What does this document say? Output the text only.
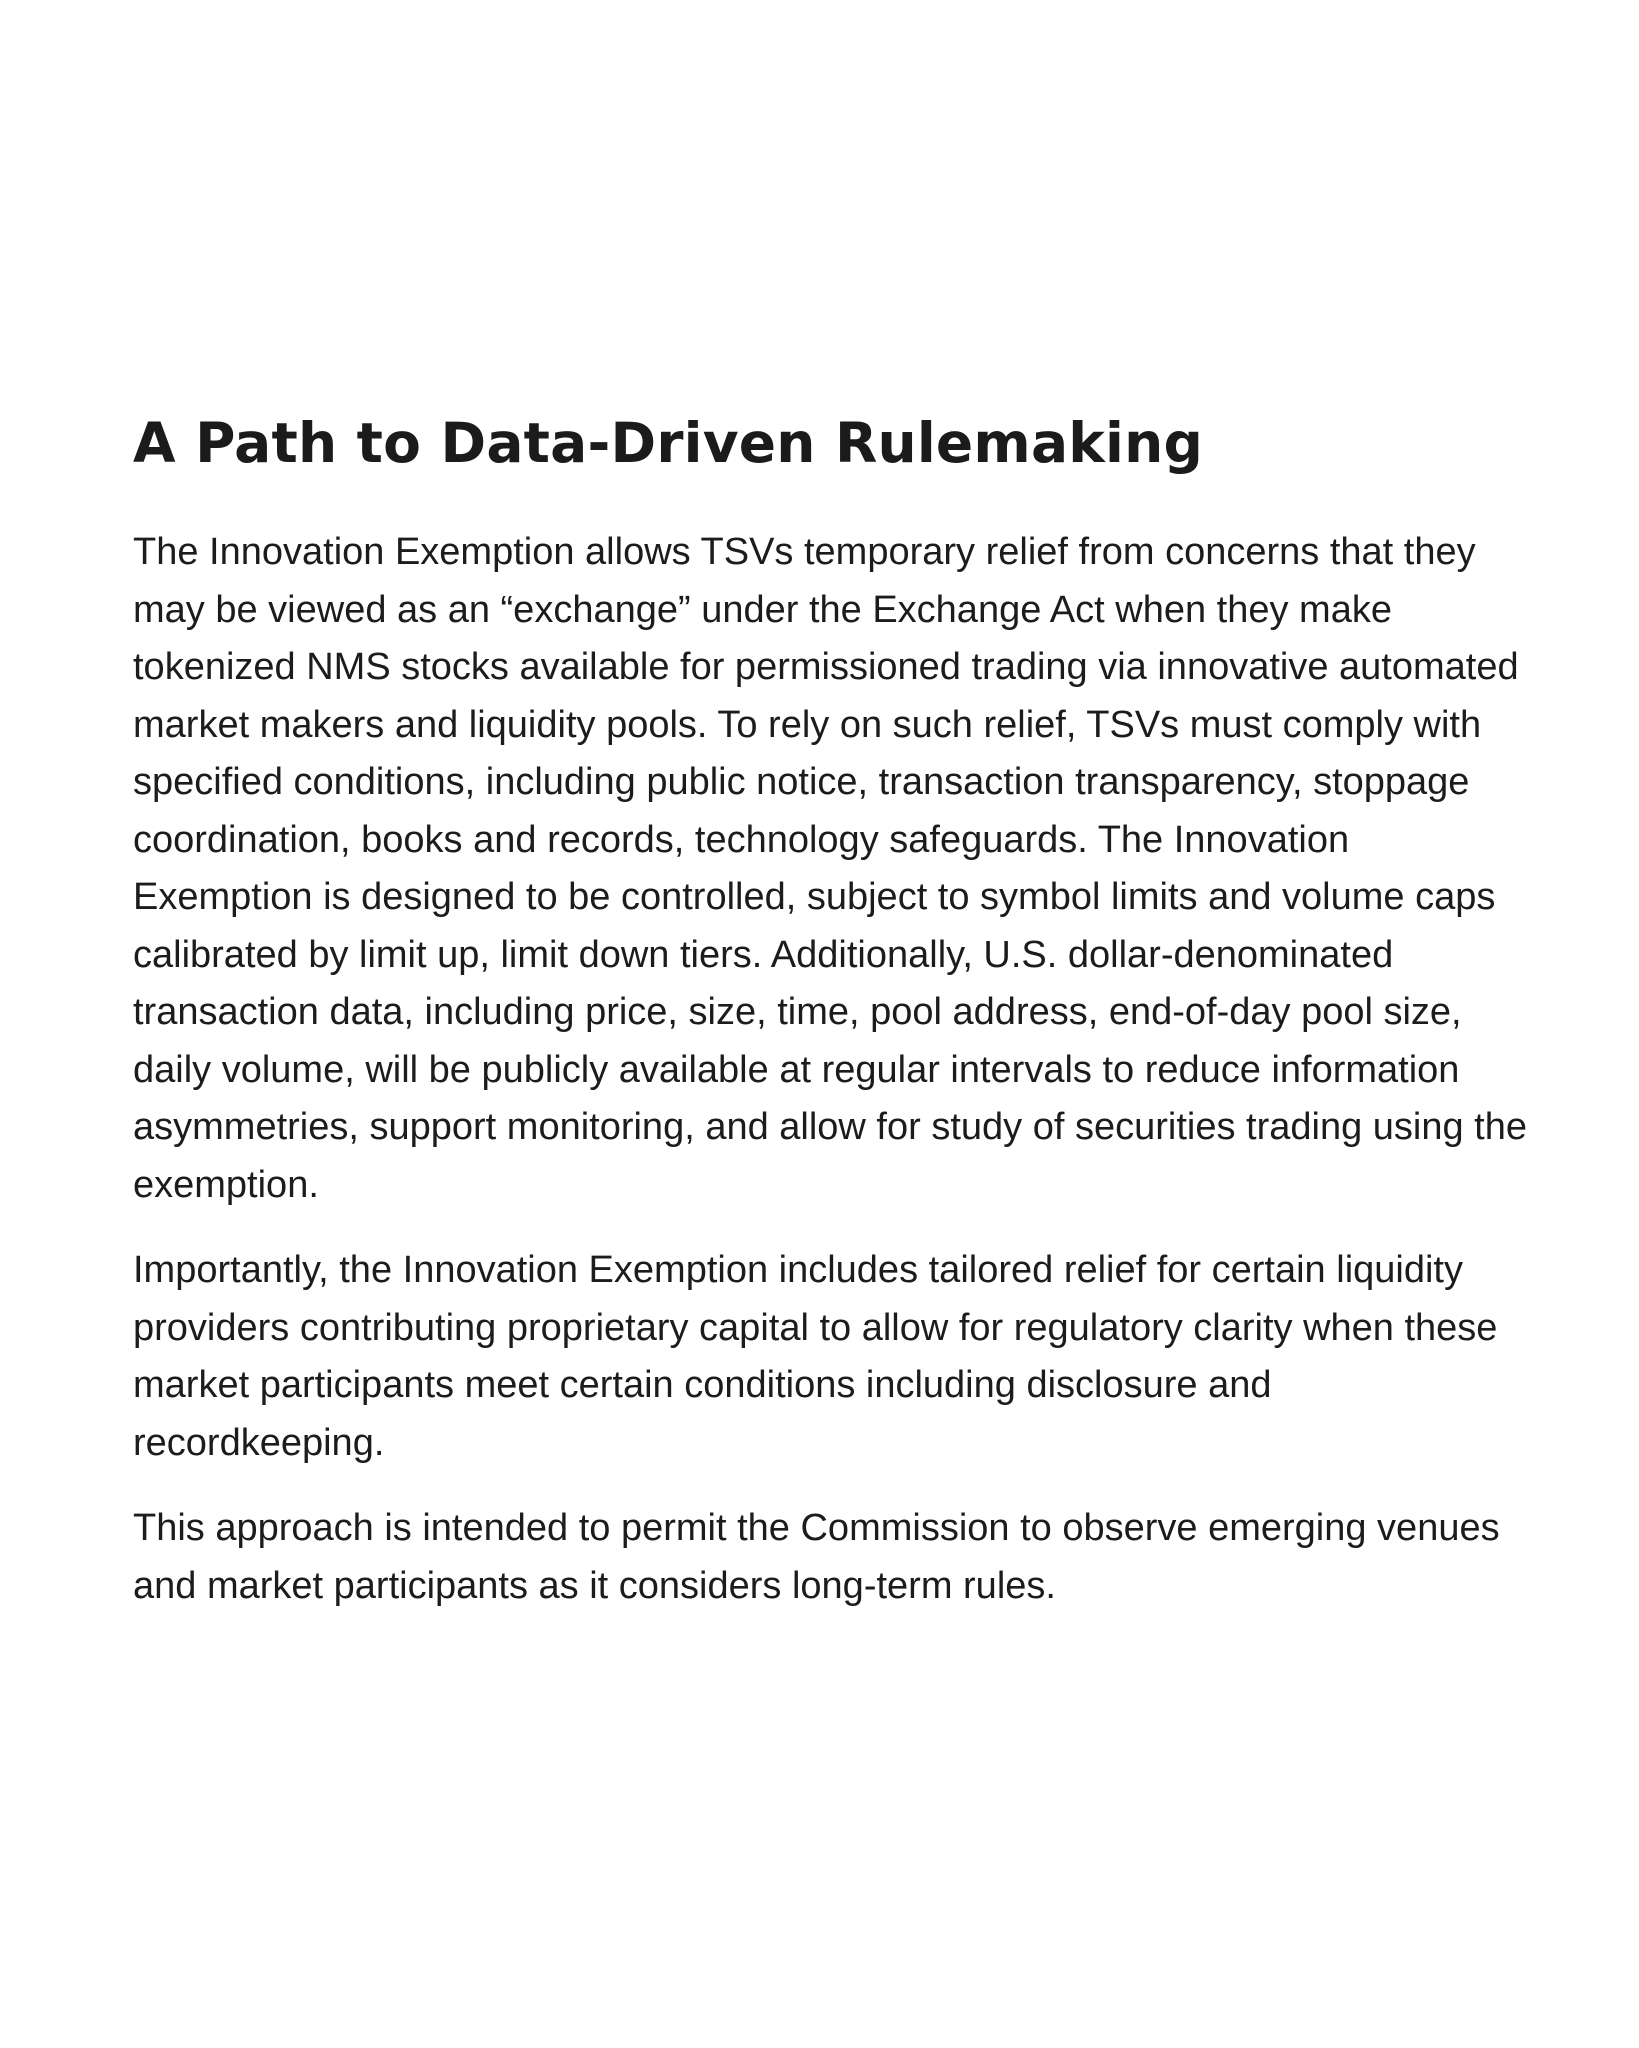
A Path to Data-Driven Rulemaking

The Innovation Exemption allows TSVs temporary relief from concerns that they may be viewed as an “exchange” under the Exchange Act when they make tokenized NMS stocks available for permissioned trading via innovative automated market makers and liquidity pools. To rely on such relief, TSVs must comply with specified conditions, including public notice, transaction transparency, stoppage coordination, books and records, technology safeguards. The Innovation Exemption is designed to be controlled, subject to symbol limits and volume caps calibrated by limit up, limit down tiers. Additionally, U.S. dollar-denominated transaction data, including price, size, time, pool address, end-of-day pool size, daily volume, will be publicly available at regular intervals to reduce information asymmetries, support monitoring, and allow for study of securities trading using the exemption.

Importantly, the Innovation Exemption includes tailored relief for certain liquidity providers contributing proprietary capital to allow for regulatory clarity when these market participants meet certain conditions including disclosure and recordkeeping.

This approach is intended to permit the Commission to observe emerging venues and market participants as it considers long-term rules.
